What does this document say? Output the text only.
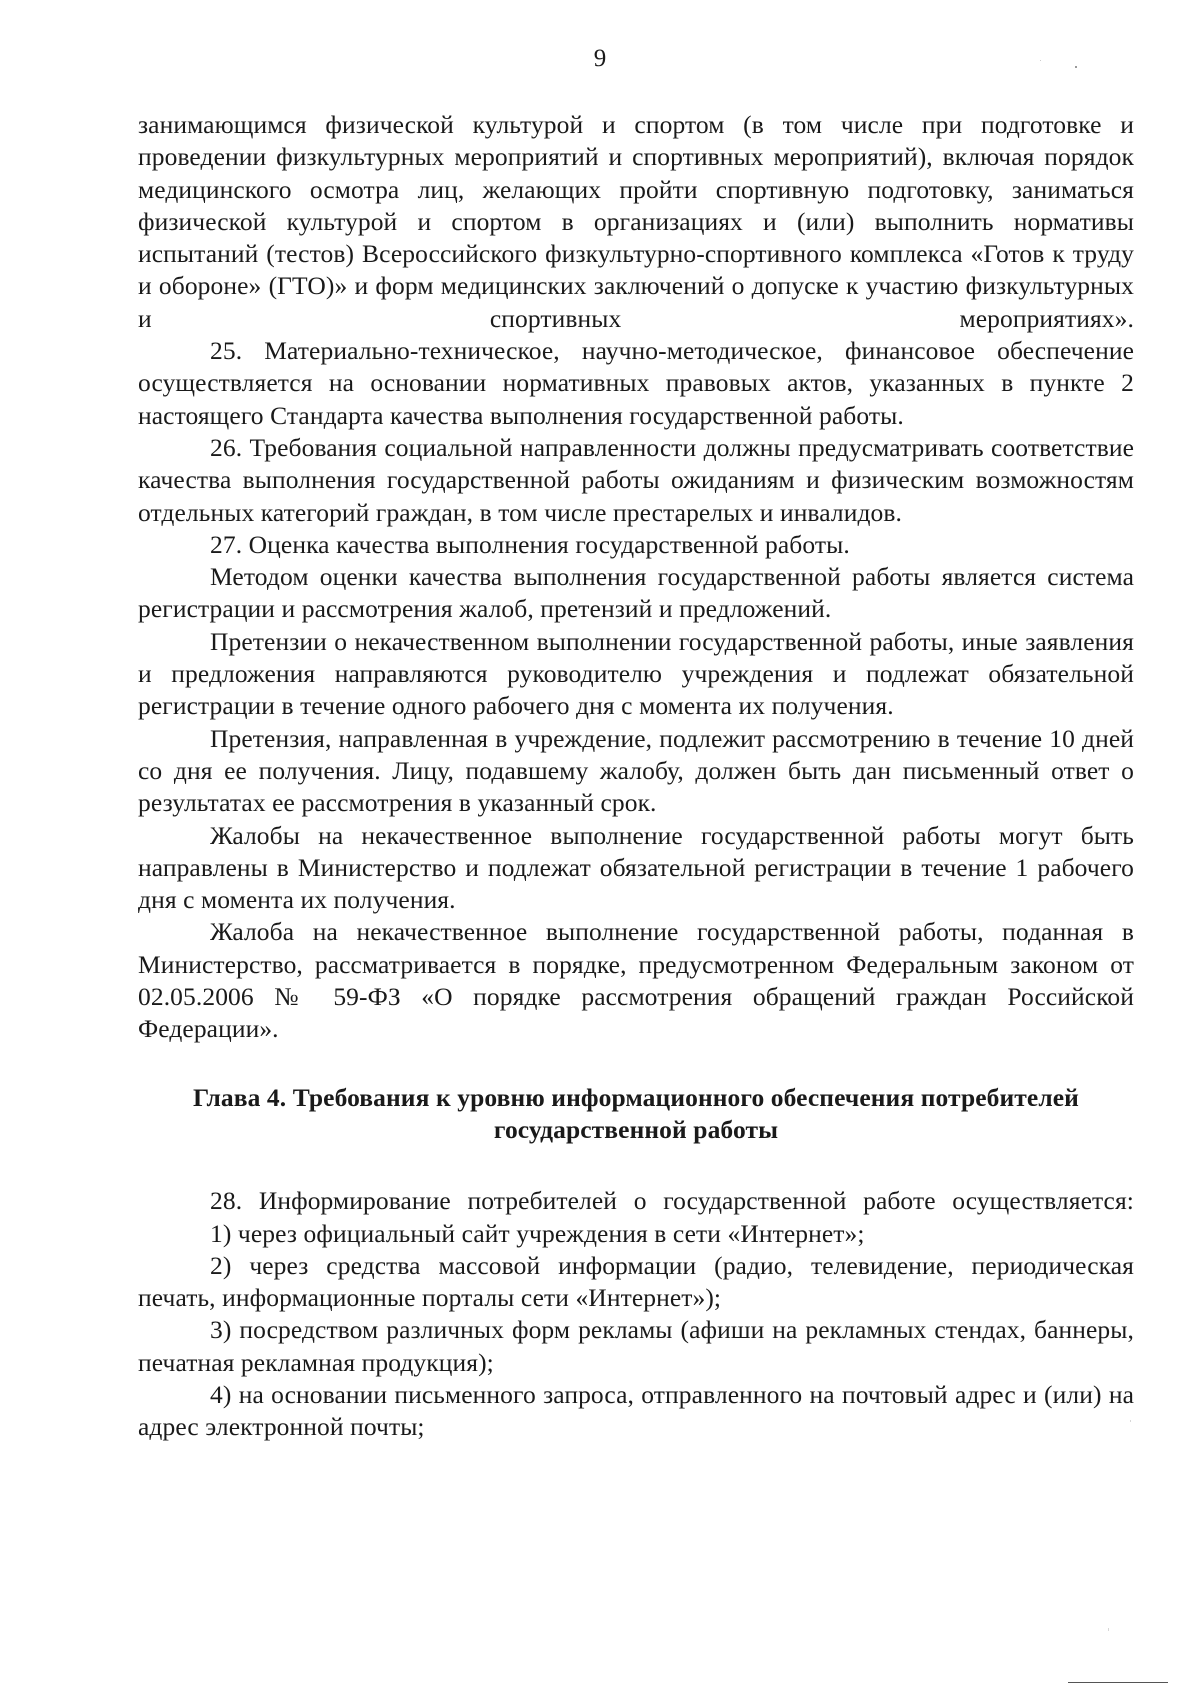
9

занимающимся физической культурой и спортом (в том числе при подготовке и проведении физкультурных мероприятий и спортивных мероприятий), включая порядок медицинского осмотра лиц, желающих пройти спортивную подготовку, заниматься физической культурой и спортом в организациях и (или) выполнить нормативы испытаний (тестов) Всероссийского физкультурно-спортивного комплекса «Готов к труду и обороне» (ГТО)» и форм медицинских заключений о допуске к участию физкультурных и спортивных мероприятиях».

25. Материально-техническое, научно-методическое, финансовое обеспечение осуществляется на основании нормативных правовых актов, указанных в пункте 2 настоящего Стандарта качества выполнения государственной работы.

26. Требования социальной направленности должны предусматривать соответствие качества выполнения государственной работы ожиданиям и физическим возможностям отдельных категорий граждан, в том числе престарелых и инвалидов.

27. Оценка качества выполнения государственной работы.

Методом оценки качества выполнения государственной работы является система регистрации и рассмотрения жалоб, претензий и предложений.

Претензии о некачественном выполнении государственной работы, иные заявления и предложения направляются руководителю учреждения и подлежат обязательной регистрации в течение одного рабочего дня с момента их получения.

Претензия, направленная в учреждение, подлежит рассмотрению в течение 10 дней со дня ее получения. Лицу, подавшему жалобу, должен быть дан письменный ответ о результатах ее рассмотрения в указанный срок.

Жалобы на некачественное выполнение государственной работы могут быть направлены в Министерство и подлежат обязательной регистрации в течение 1 рабочего дня с момента их получения.

Жалоба на некачественное выполнение государственной работы, поданная в Министерство, рассматривается в порядке, предусмотренном Федеральным законом от 02.05.2006 № 59-ФЗ «О порядке рассмотрения обращений граждан Российской Федерации».

Глава 4. Требования к уровню информационного обеспечения потребителей
государственной работы

28. Информирование потребителей о государственной работе осуществляется:

1) через официальный сайт учреждения в сети «Интернет»;

2) через средства массовой информации (радио, телевидение, периодическая печать, информационные порталы сети «Интернет»);

3) посредством различных форм рекламы (афиши на рекламных стендах, баннеры, печатная рекламная продукция);

4) на основании письменного запроса, отправленного на почтовый адрес и (или) на адрес электронной почты;
